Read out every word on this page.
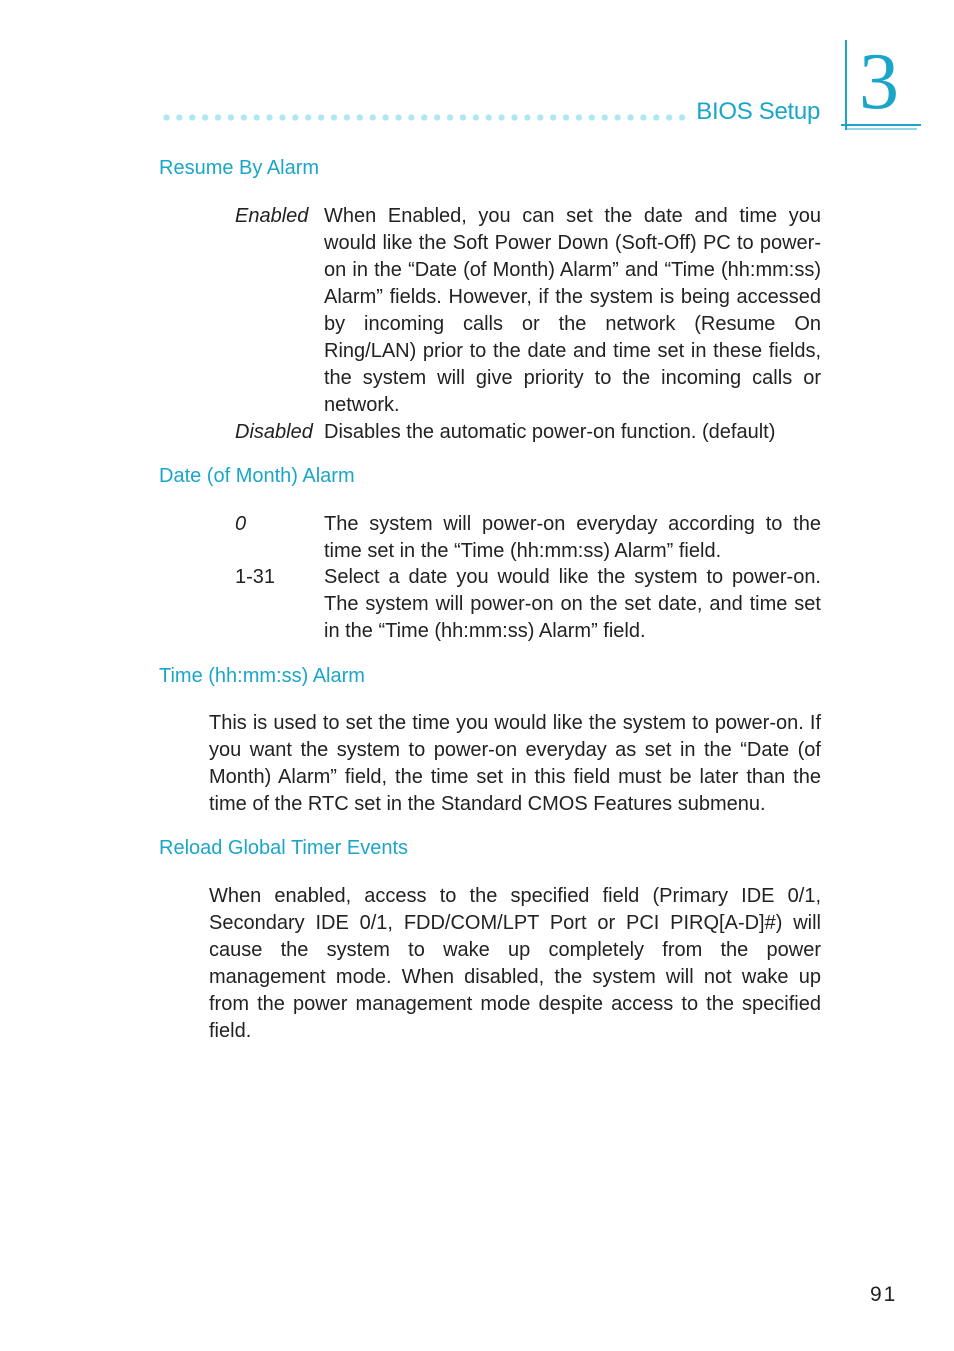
BIOS Setup 3
Resume By Alarm
Enabled When Enabled, you can set the date and time you would like the Soft Power Down (Soft-Off) PC to power-on in the “Date (of Month) Alarm” and “Time (hh:mm:ss) Alarm” fields. However, if the system is being accessed by incoming calls or the network (Resume On Ring/LAN) prior to the date and time set in these fields, the system will give priority to the incoming calls or network.
Disabled Disables the automatic power-on function. (default)
Date (of Month) Alarm
0	The system will power-on everyday according to the time set in the “Time (hh:mm:ss) Alarm” field.
1-31 Select a date you would like the system to power-on. The system will power-on on the set date, and time set in the “Time (hh:mm:ss) Alarm” field.
Time (hh:mm:ss) Alarm
This is used to set the time you would like the system to power-on. If you want the system to power-on everyday as set in the “Date (of Month) Alarm” field, the time set in this field must be later than the time of the RTC set in the Standard CMOS Features submenu.
Reload Global Timer Events
When enabled, access to the specified field (Primary IDE 0/1, Secondary IDE 0/1, FDD/COM/LPT Port or PCI PIRQ[A-D]#) will cause the system to wake up completely from the power management mode. When disabled, the system will not wake up from the power management mode despite access to the specified field.
91
